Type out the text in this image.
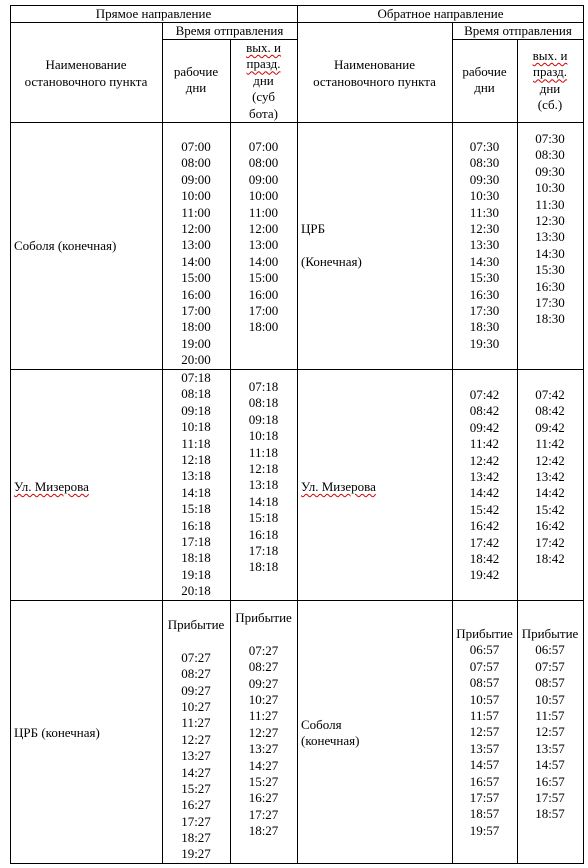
Прямое направление
Время отправления
Наименование
остановочного пункта
рабочие
дни
вых. и
празд.
дни
(суб
бота)
Обратное направление
Время отправления
Наименование
остановочного пункта
рабочие
дни
вых. и
празд.
дни
(сб.)
Соболя (конечная)
07:00
08:00
09:00
10:00
11:00
12:00
13:00
14:00
15:00
16:00
17:00
18:00
19:00
20:00
07:00
08:00
09:00
10:00
11:00
12:00
13:00
14:00
15:00
16:00
17:00
18:00
Ул. Мизерова
07:18
08:18
09:18
10:18
11:18
12:18
13:18
14:18
15:18
16:18
17:18
18:18
19:18
20:18
07:18
08:18
09:18
10:18
11:18
12:18
13:18
14:18
15:18
16:18
17:18
18:18
ЦРБ (конечная)
Прибытие
07:27
08:27
09:27
10:27
11:27
12:27
13:27
14:27
15:27
16:27
17:27
18:27
19:27
Прибытие
07:27
08:27
09:27
10:27
11:27
12:27
13:27
14:27
15:27
16:27
17:27
18:27
ЦРБ

(Конечная)
07:30
08:30
09:30
10:30
11:30
12:30
13:30
14:30
15:30
16:30
17:30
18:30
19:30
07:30
08:30
09:30
10:30
11:30
12:30
13:30
14:30
15:30
16:30
17:30
18:30
Ул. Мизерова
07:42
08:42
09:42
11:42
12:42
13:42
14:42
15:42
16:42
17:42
18:42
19:42
07:42
08:42
09:42
11:42
12:42
13:42
14:42
15:42
16:42
17:42
18:42
Соболя
(конечная)
Прибытие
06:57
07:57
08:57
10:57
11:57
12:57
13:57
14:57
16:57
17:57
18:57
19:57
Прибытие
06:57
07:57
08:57
10:57
11:57
12:57
13:57
14:57
16:57
17:57
18:57
